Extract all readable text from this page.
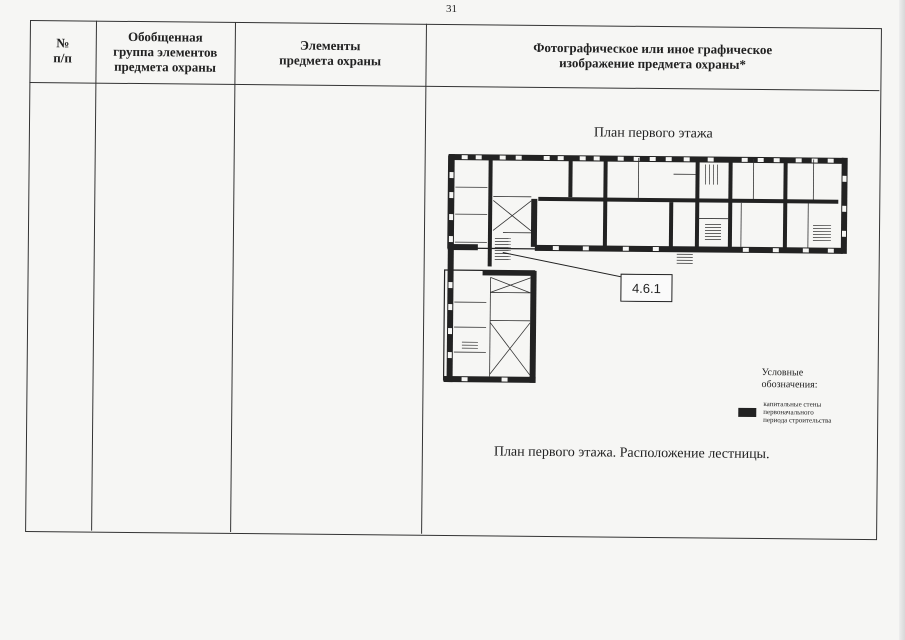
31
№
п/п
Обобщенная
группа элементов
предмета охраны
Элементы
предмета охраны
Фотографическое или иное графическое
изображение предмета охраны*
План первого этажа
4.6.1
Условные
обозначения:
капитальные стены
первоначального
периода строительства
План первого этажа. Расположение лестницы.
